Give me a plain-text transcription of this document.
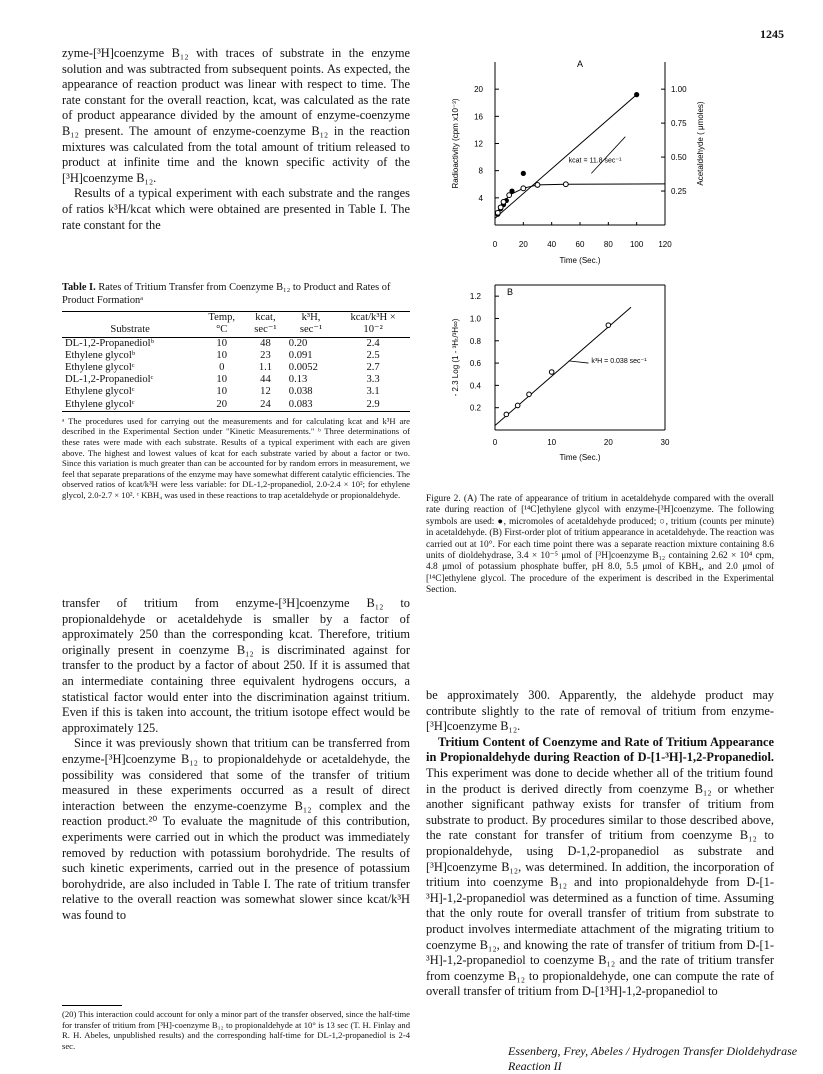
1245

zyme-[³H]coenzyme B₁₂ with traces of substrate in the enzyme solution and was subtracted from subsequent points. As expected, the appearance of reaction product was linear with respect to time. The rate constant for the overall reaction, kcat, was calculated as the rate of product appearance divided by the amount of enzyme-coenzyme B₁₂ present. The amount of enzyme-coenzyme B₁₂ in the reaction mixtures was calculated from the total amount of tritium released to product at infinite time and the known specific activity of the [³H]coenzyme B₁₂.

Results of a typical experiment with each substrate and the ranges of ratios k³H/kcat which were obtained are presented in Table I. The rate constant for the

Table I. Rates of Tritium Transfer from Coenzyme B₁₂ to Product and Rates of Product Formationᵃ
	Temp,	kcat,	k³H,	kcat/k³H ×
Substrate	°C	sec⁻¹	sec⁻¹	10⁻²
DL-1,2-Propanediolᵇ	10	48	0.20	2.4
Ethylene glycolᵇ	10	23	0.091	2.5
Ethylene glycolᶜ	0	1.1	0.0052	2.7
DL-1,2-Propanediolᶜ	10	44	0.13	3.3
Ethylene glycolᶜ	10	12	0.038	3.1
Ethylene glycolᶜ	20	24	0.083	2.9
ᵃ The procedures used for carrying out the measurements and for calculating kcat and k³H are described in the Experimental Section under "Kinetic Measurements." ᵇ Three determinations of these rates were made with each substrate. Results of a typical experiment with each are given above. The highest and lowest values of kcat for each substrate varied by about a factor or two. Since this variation is much greater than can be accounted for by random errors in measurement, we feel that separate preparations of the enzyme may have somewhat different catalytic efficiencies. The observed ratios of kcat/k³H were less variable: for DL-1,2-propanediol, 2.0-2.4 × 10²; for ethylene glycol, 2.0-2.7 × 10². ᶜ KBH₄ was used in these reactions to trap acetaldehyde or propionaldehyde.

transfer of tritium from enzyme-[³H]coenzyme B₁₂ to propionaldehyde or acetaldehyde is smaller by a factor of approximately 250 than the corresponding kcat. Therefore, tritium originally present in coenzyme B₁₂ is discriminated against for transfer to the product by a factor of about 250. If it is assumed that an intermediate containing three equivalent hydrogens occurs, a statistical factor would enter into the discrimination against tritium. Even if this is taken into account, the tritium isotope effect would be approximately 125.

Since it was previously shown that tritium can be transferred from enzyme-[³H]coenzyme B₁₂ to propionaldehyde or acetaldehyde, the possibility was considered that some of the transfer of tritium measured in these experiments occurred as a result of direct interaction between the enzyme-coenzyme B₁₂ complex and the reaction product.²⁰ To evaluate the magnitude of this contribution, experiments were carried out in which the product was immediately removed by reduction with potassium borohydride. The results of such kinetic experiments, carried out in the presence of potassium borohydride, are also included in Table I. The rate of tritium transfer relative to the overall reaction was somewhat slower since kcat/k³H was found to

(20) This interaction could account for only a minor part of the transfer observed, since the half-time for transfer of tritium from [³H]-coenzyme B₁₂ to propionaldehyde at 10° is 13 sec (T. H. Finlay and R. H. Abeles, unpublished results) and the corresponding half-time for DL-1,2-propanediol is 2-4 sec.
A
0	20 40 60 80 100 120
4
8
12
16
20
0.25
0.50
0.75
1.00
Time (Sec.)
Radioactivity (cpm x10⁻³)	Acetaldehyde ( μmoles)
kcat = 11.8 sec⁻¹
B
0	10	20	30
0.2
0.4
0.6
0.8
1.0
1.2
Time (Sec.)
- 2.3 Log (1 - ³Hₜ/³H∞)	k³H = 0.038 sec⁻¹
Figure 2. (A) The rate of appearance of tritium in acetaldehyde compared with the overall rate during reaction of [¹⁴C]ethylene glycol with enzyme-[³H]coenzyme. The following symbols are used: ●, micromoles of acetaldehyde produced; ○, tritium (counts per minute) in acetaldehyde. (B) First-order plot of tritium appearance in acetaldehyde. The reaction was carried out at 10°. For each time point there was a separate reaction mixture containing 8.6 units of dioldehydrase, 3.4 × 10⁻⁵ μmol of [³H]coenzyme B₁₂ containing 2.62 × 10⁴ cpm, 4.8 μmol of potassium phosphate buffer, pH 8.0, 5.5 μmol of KBH₄, and 2.0 μmol of [¹⁴C]ethylene glycol. The procedure of the experiment is described in the Experimental Section.

be approximately 300. Apparently, the aldehyde product may contribute slightly to the rate of removal of tritium from enzyme-[³H]coenzyme B₁₂.

Tritium Content of Coenzyme and Rate of Tritium Appearance in Propionaldehyde during Reaction of D-[1-³H]-1,2-Propanediol. This experiment was done to decide whether all of the tritium found in the product is derived directly from coenzyme B₁₂ or whether another significant pathway exists for transfer of tritium from substrate to product. By procedures similar to those described above, the rate constant for transfer of tritium from coenzyme B₁₂ to propionaldehyde, using D-1,2-propanediol as substrate and [³H]coenzyme B₁₂, was determined. In addition, the incorporation of tritium into coenzyme B₁₂ and into propionaldehyde from D-[1-³H]-1,2-propanediol was determined as a function of time. Assuming that the only route for overall transfer of tritium from substrate to product involves intermediate attachment of the migrating tritium to coenzyme B₁₂, and knowing the rate of transfer of tritium from D-[1-³H]-1,2-propanediol to coenzyme B₁₂ and the rate of tritium transfer from coenzyme B₁₂ to propionaldehyde, one can compute the rate of overall transfer of tritium from D-[1³H]-1,2-propanediol to

Essenberg, Frey, Abeles / Hydrogen Transfer Dioldehydrase Reaction II
